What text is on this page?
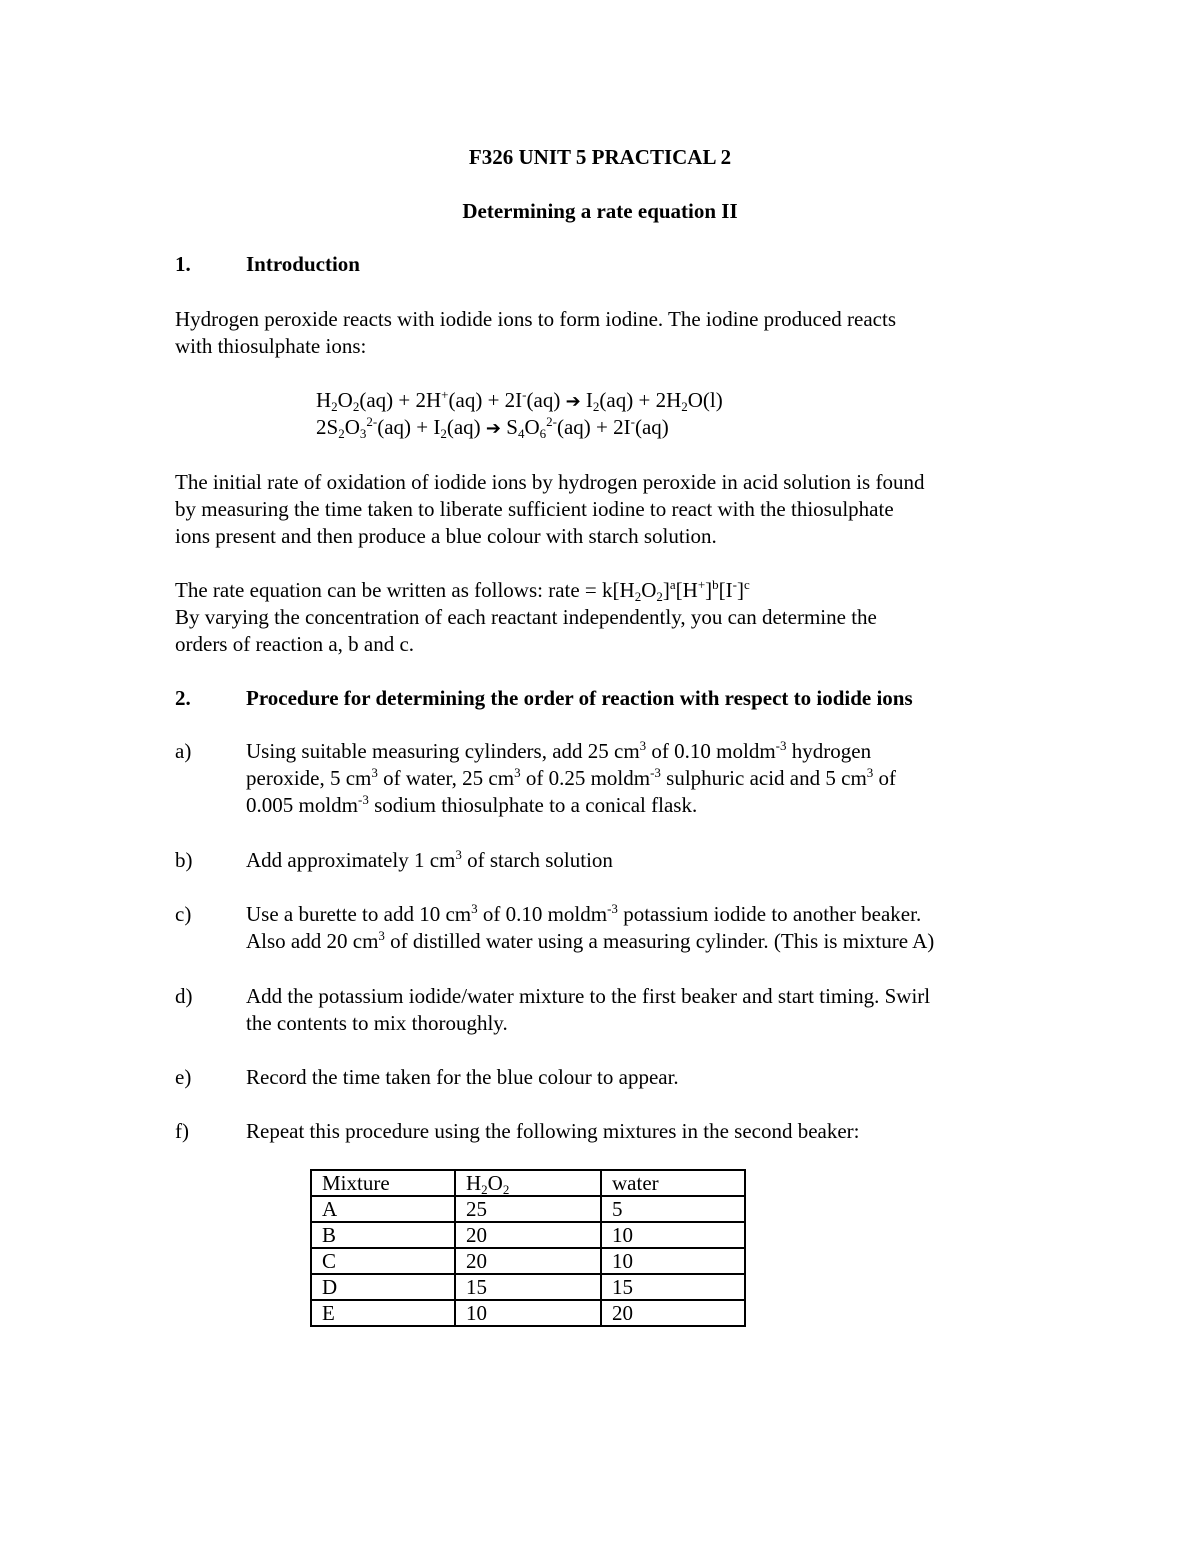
F326 UNIT 5 PRACTICAL 2
Determining a rate equation II
1.	Introduction
Hydrogen peroxide reacts with iodide ions to form iodine. The iodine produced reacts
with thiosulphate ions:
$H_2O_2(aq) + 2H^+(aq) + 2I^-(aq)$ ➔ $I_2(aq) + 2H_2O(l)$
$2S_2O_3^{2-}(aq) + I_2(aq)$ ➔ $S_4O_6^{2-}(aq) + 2I^-(aq)$
The initial rate of oxidation of iodide ions by hydrogen peroxide in acid solution is found
by measuring the time taken to liberate sufficient iodine to react with the thiosulphate
ions present and then produce a blue colour with starch solution.
The rate equation can be written as follows: rate = $k[H_2O_2]^a[H^+]^b[I^-]^c$
By varying the concentration of each reactant independently, you can determine the
orders of reaction a, b and c.
2.	Procedure for determining the order of reaction with respect to iodide ions
a)	Using suitable measuring cylinders, add 25 $cm^3$ of 0.10 moldm$^{-3}$ hydrogen
peroxide, 5 $cm^3$ of water, 25 $cm^3$ of 0.25 moldm$^{-3}$ sulphuric acid and 5 $cm^3$ of
0.005 moldm$^{-3}$ sodium thiosulphate to a conical flask.
b)	Add approximately 1 $cm^3$ of starch solution
c)	Use a burette to add 10 $cm^3$ of 0.10 moldm$^{-3}$ potassium iodide to another beaker.
Also add 20 $cm^3$ of distilled water using a measuring cylinder. (This is mixture A)
d)	Add the potassium iodide/water mixture to the first beaker and start timing. Swirl
the contents to mix thoroughly.
e)	Record the time taken for the blue colour to appear.
f)	Repeat this procedure using the following mixtures in the second beaker:
Mixture	$H_2O_2$	water
A	25	5
B	20	10
C	20	10
D	15	15
E	10	20
